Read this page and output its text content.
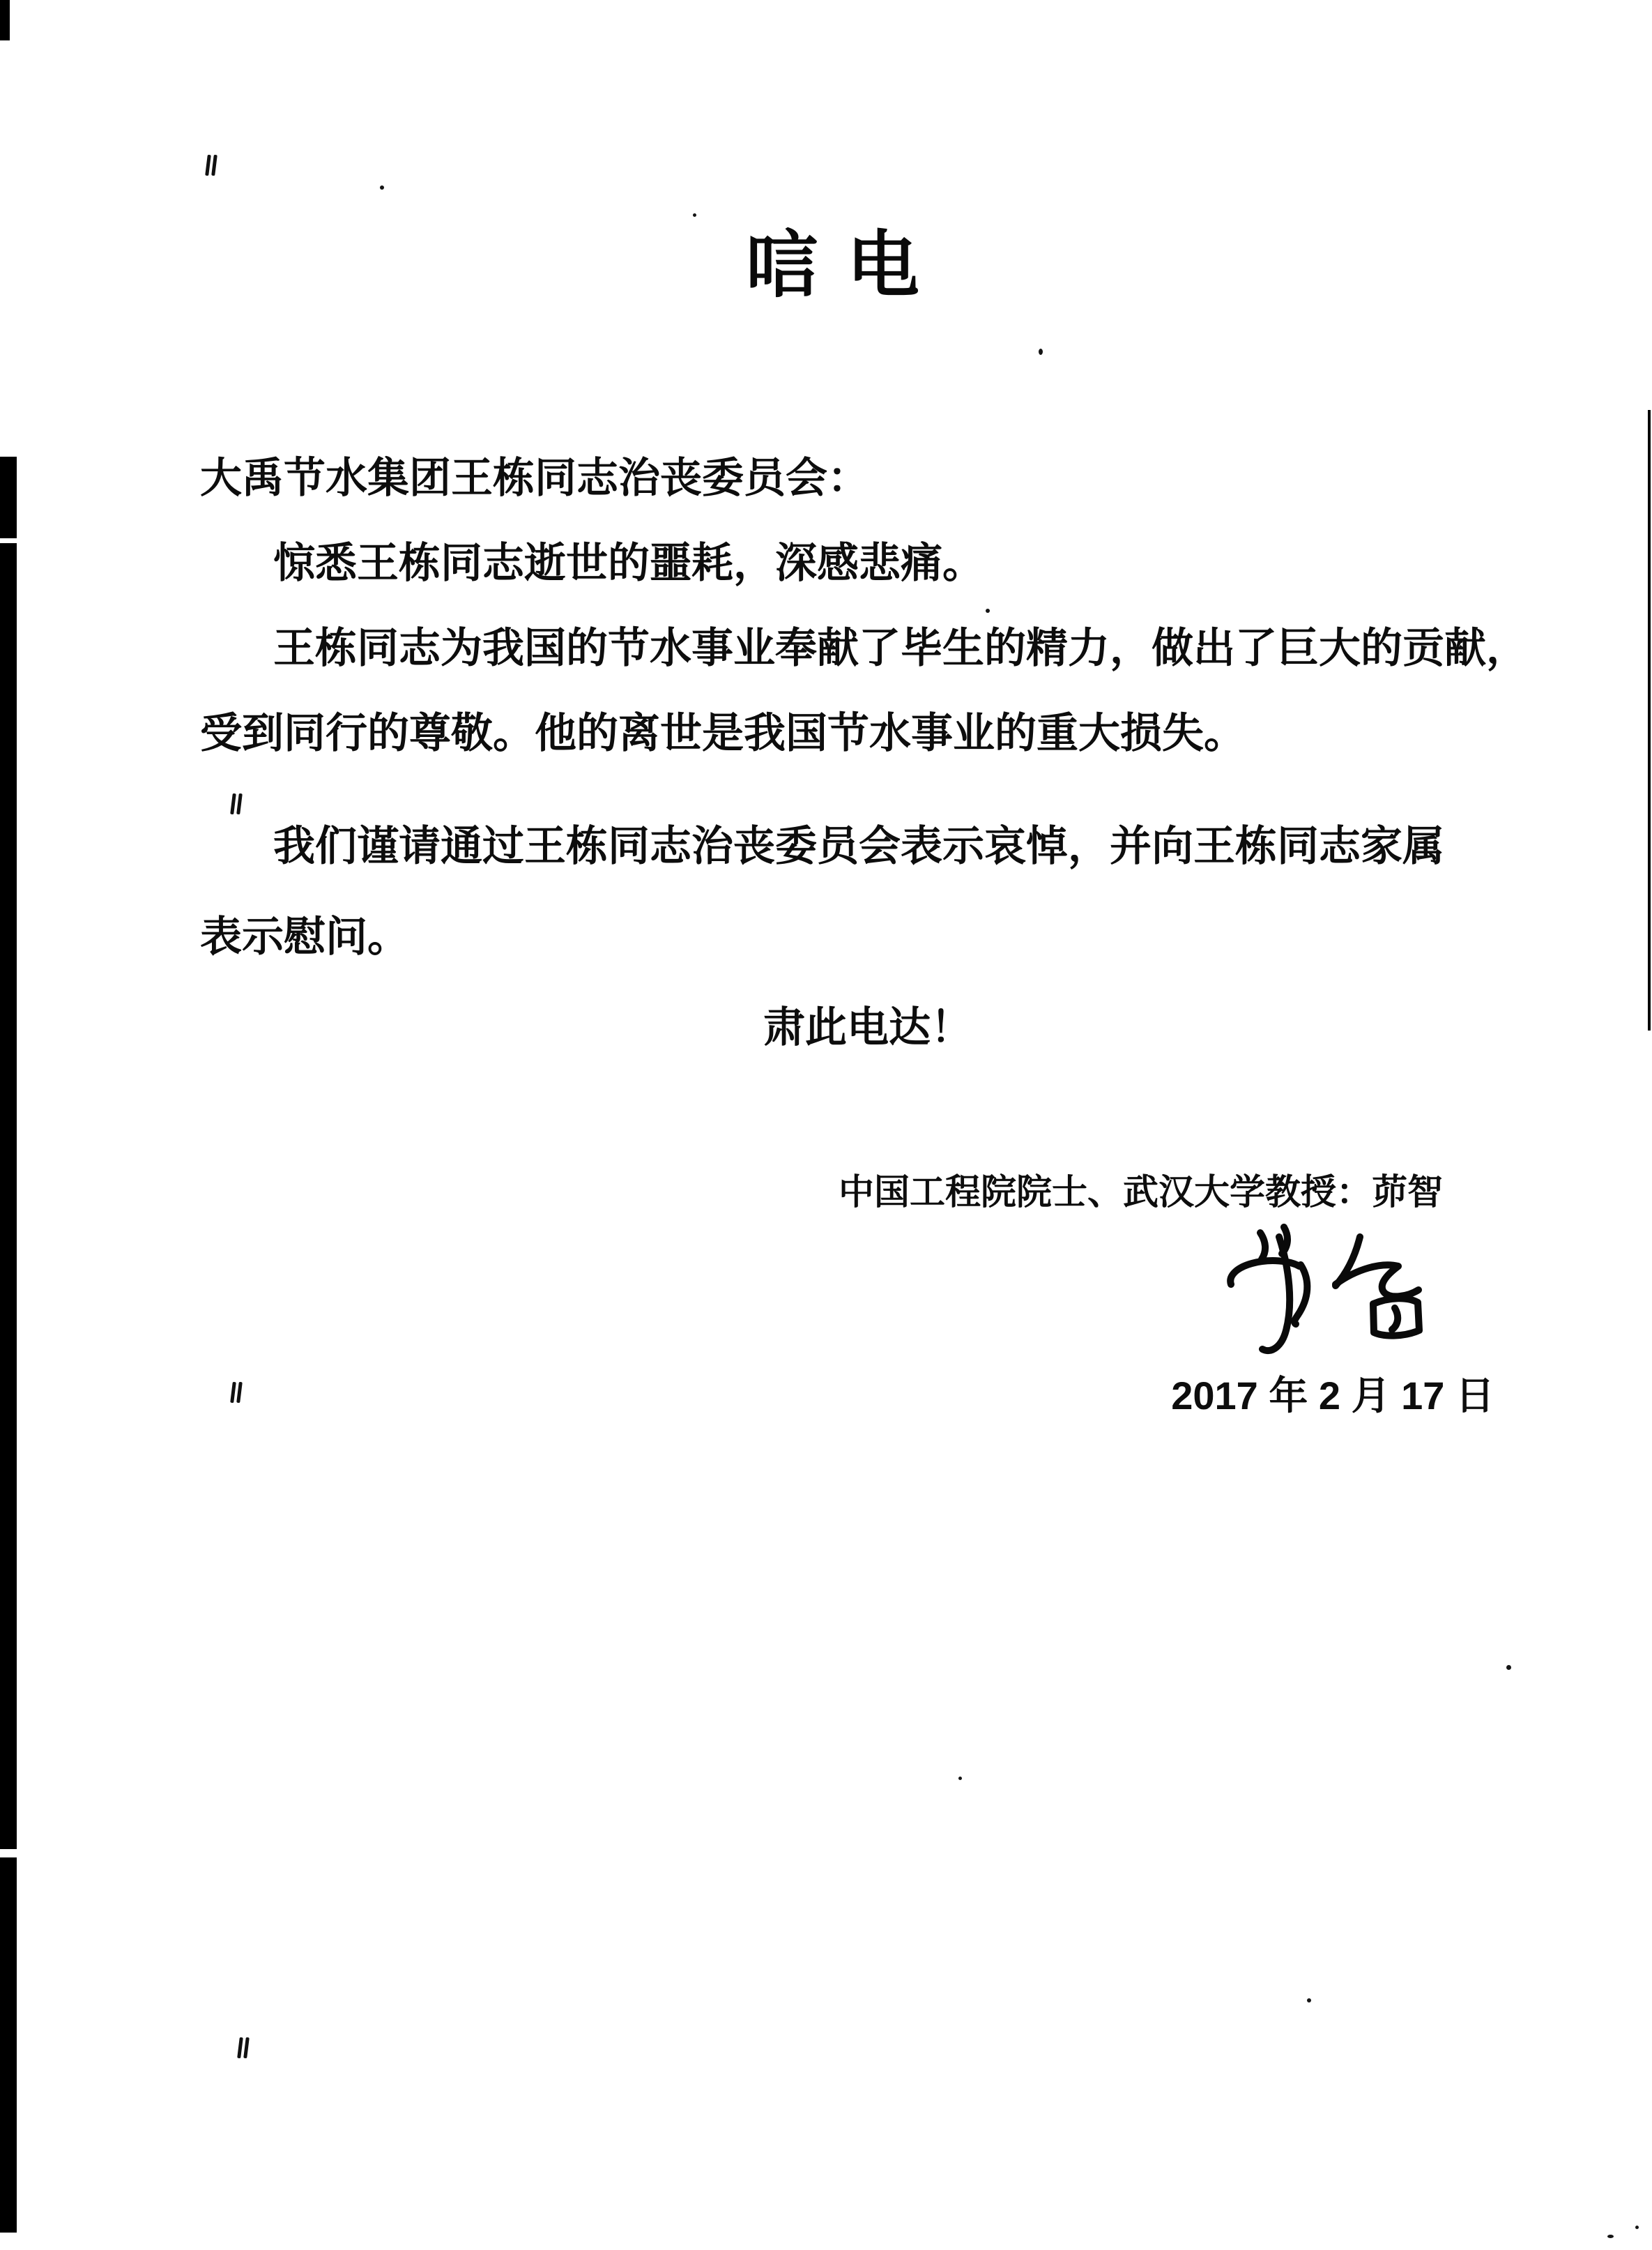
唁 电
大禹节水集团王栋同志治丧委员会：
惊悉王栋同志逝世的噩耗，深感悲痛。
王栋同志为我国的节水事业奉献了毕生的精力，做出了巨大的贡献，
受到同行的尊敬。他的离世是我国节水事业的重大损失。
我们谨请通过王栋同志治丧委员会表示哀悼，并向王栋同志家属
表示慰问。
肃此电达！
中国工程院院士、武汉大学教授：茆智
2017 年 2 月 17 日
